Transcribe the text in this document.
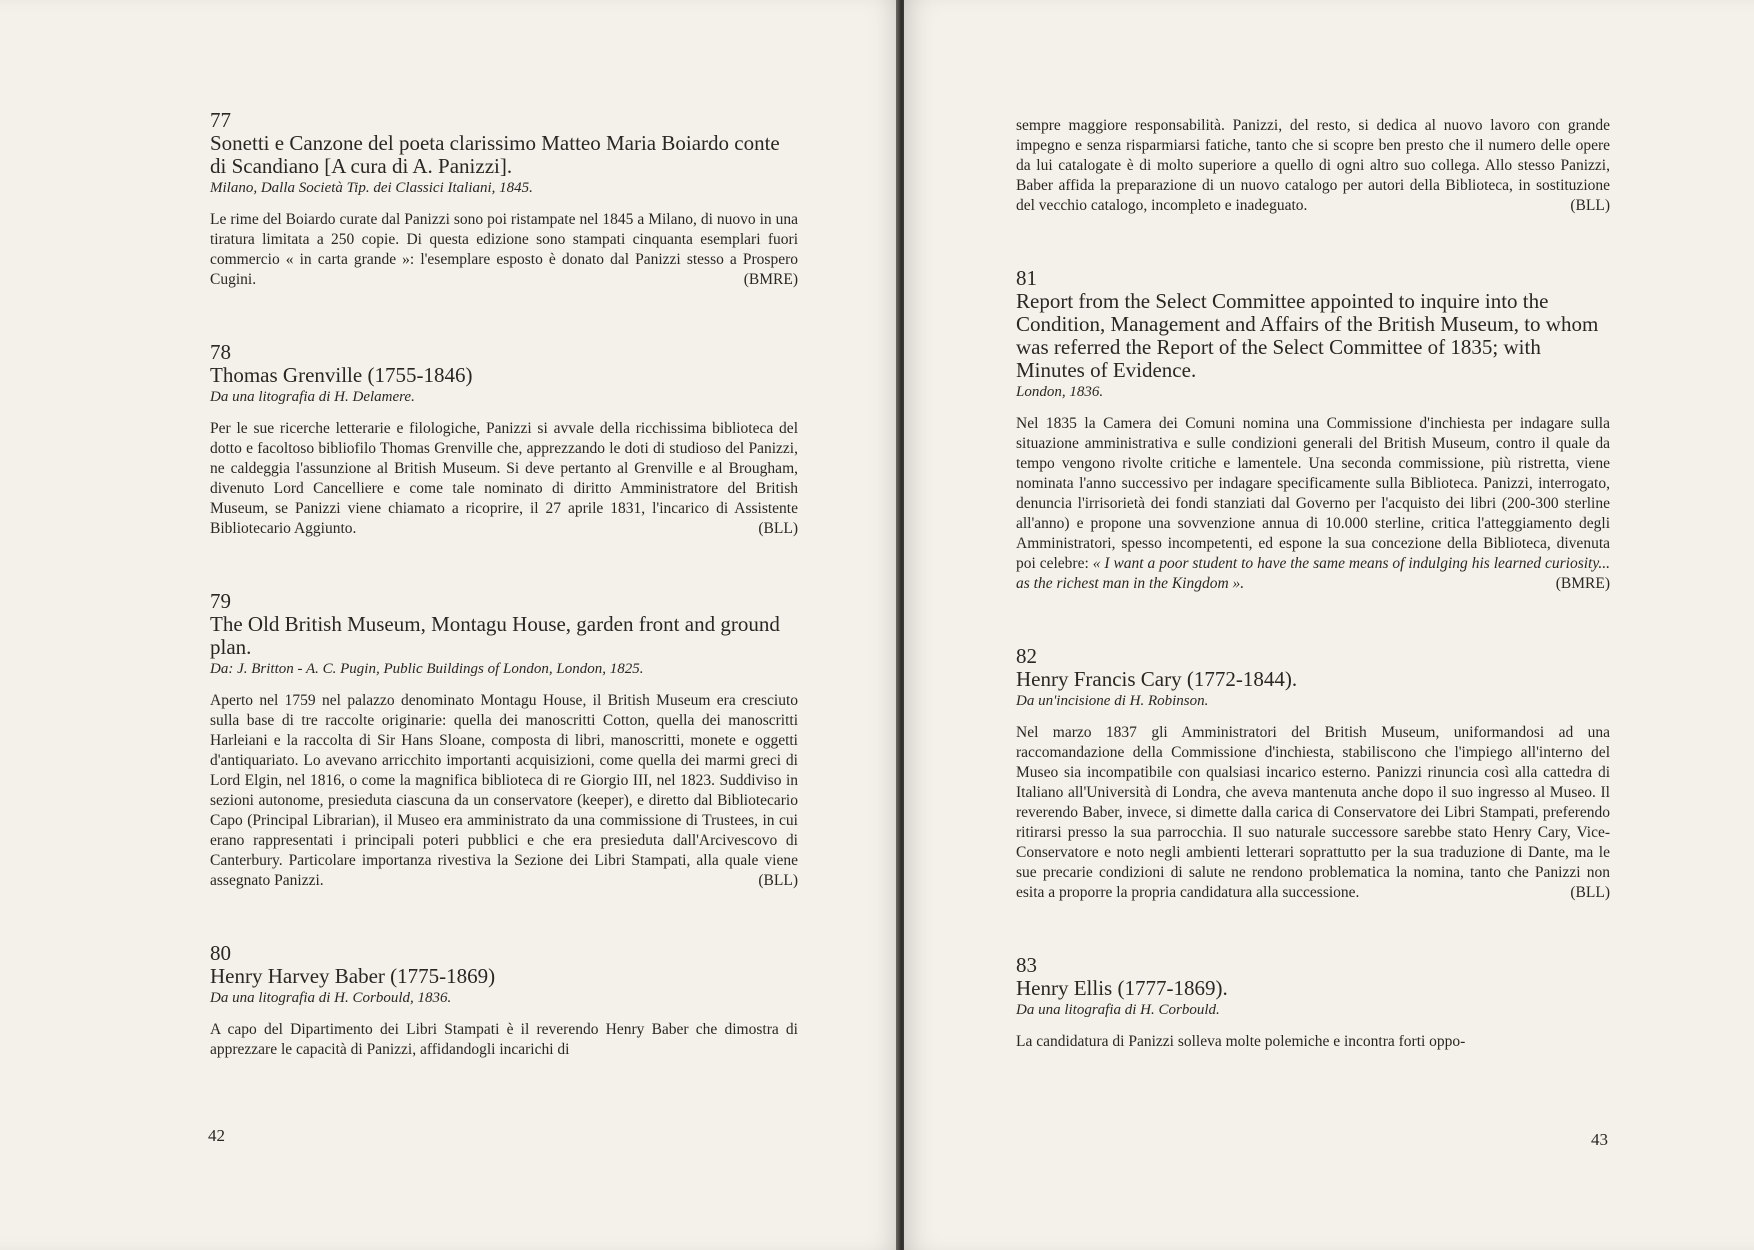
77
Sonetti e Canzone del poeta clarissimo Matteo Maria Boiardo conte di Scandiano [A cura di A. Panizzi].
Milano, Dalla Società Tip. dei Classici Italiani, 1845.
Le rime del Boiardo curate dal Panizzi sono poi ristampate nel 1845 a Milano, di nuovo in una tiratura limitata a 250 copie. Di questa edizione sono stampati cinquanta esemplari fuori commercio « in carta grande »: l'esemplare esposto è donato dal Panizzi stesso a Prospero Cugini.	(BMRE)
78
Thomas Grenville (1755-1846)
Da una litografia di H. Delamere.
Per le sue ricerche letterarie e filologiche, Panizzi si avvale della ricchissima biblioteca del dotto e facoltoso bibliofilo Thomas Grenville che, apprezzando le doti di studioso del Panizzi, ne caldeggia l'assunzione al British Museum. Si deve pertanto al Grenville e al Brougham, divenuto Lord Cancelliere e come tale nominato di diritto Amministratore del British Museum, se Panizzi viene chiamato a ricoprire, il 27 aprile 1831, l'incarico di Assistente Bibliotecario Aggiunto.	(BLL)
79
The Old British Museum, Montagu House, garden front and ground plan.
Da: J. Britton - A. C. Pugin, Public Buildings of London, London, 1825.
Aperto nel 1759 nel palazzo denominato Montagu House, il British Museum era cresciuto sulla base di tre raccolte originarie: quella dei manoscritti Cotton, quella dei manoscritti Harleiani e la raccolta di Sir Hans Sloane, composta di libri, manoscritti, monete e oggetti d'antiquariato. Lo avevano arricchito importanti acquisizioni, come quella dei marmi greci di Lord Elgin, nel 1816, o come la magnifica biblioteca di re Giorgio III, nel 1823. Suddiviso in sezioni autonome, presieduta ciascuna da un conservatore (keeper), e diretto dal Bibliotecario Capo (Principal Librarian), il Museo era amministrato da una commissione di Trustees, in cui erano rappresentati i principali poteri pubblici e che era presieduta dall'Arcivescovo di Canterbury. Particolare importanza rivestiva la Sezione dei Libri Stampati, alla quale viene assegnato Panizzi.	(BLL)
80
Henry Harvey Baber (1775-1869)
Da una litografia di H. Corbould, 1836.
A capo del Dipartimento dei Libri Stampati è il reverendo Henry Baber che dimostra di apprezzare le capacità di Panizzi, affidandogli incarichi di
42
sempre maggiore responsabilità. Panizzi, del resto, si dedica al nuovo lavoro con grande impegno e senza risparmiarsi fatiche, tanto che si scopre ben presto che il numero delle opere da lui catalogate è di molto superiore a quello di ogni altro suo collega. Allo stesso Panizzi, Baber affida la preparazione di un nuovo catalogo per autori della Biblioteca, in sostituzione del vecchio catalogo, incompleto e inadeguato.	(BLL)
81
Report from the Select Committee appointed to inquire into the Condition, Management and Affairs of the British Museum, to whom was referred the Report of the Select Committee of 1835; with Minutes of Evidence.
London, 1836.
Nel 1835 la Camera dei Comuni nomina una Commissione d'inchiesta per indagare sulla situazione amministrativa e sulle condizioni generali del British Museum, contro il quale da tempo vengono rivolte critiche e lamentele. Una seconda commissione, più ristretta, viene nominata l'anno successivo per indagare specificamente sulla Biblioteca. Panizzi, interrogato, denuncia l'irrisorietà dei fondi stanziati dal Governo per l'acquisto dei libri (200-300 sterline all'anno) e propone una sovvenzione annua di 10.000 sterline, critica l'atteggiamento degli Amministratori, spesso incompetenti, ed espone la sua concezione della Biblioteca, divenuta poi celebre: « I want a poor student to have the same means of indulging his learned curiosity... as the richest man in the Kingdom ».	(BMRE)
82
Henry Francis Cary (1772-1844).
Da un'incisione di H. Robinson.
Nel marzo 1837 gli Amministratori del British Museum, uniformandosi ad una raccomandazione della Commissione d'inchiesta, stabiliscono che l'impiego all'interno del Museo sia incompatibile con qualsiasi incarico esterno. Panizzi rinuncia così alla cattedra di Italiano all'Università di Londra, che aveva mantenuta anche dopo il suo ingresso al Museo. Il reverendo Baber, invece, si dimette dalla carica di Conservatore dei Libri Stampati, preferendo ritirarsi presso la sua parrocchia. Il suo naturale successore sarebbe stato Henry Cary, Vice-Conservatore e noto negli ambienti letterari soprattutto per la sua traduzione di Dante, ma le sue precarie condizioni di salute ne rendono problematica la nomina, tanto che Panizzi non esita a proporre la propria candidatura alla successione.	(BLL)
83
Henry Ellis (1777-1869).
Da una litografia di H. Corbould.
La candidatura di Panizzi solleva molte polemiche e incontra forti oppo-
43
